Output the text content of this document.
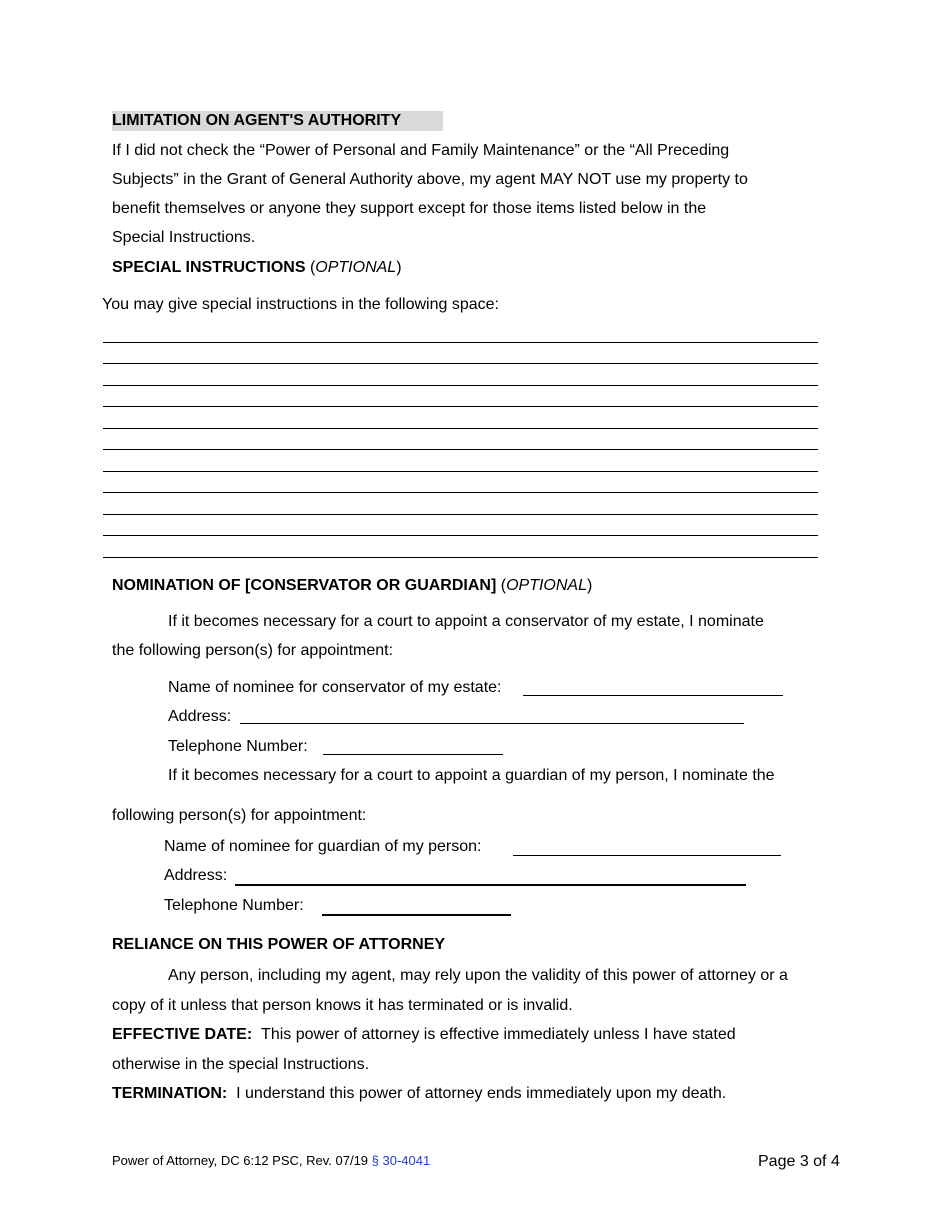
LIMITATION ON AGENT'S AUTHORITY
If I did not check the “Power of Personal and Family Maintenance” or the “All Preceding
Subjects” in the Grant of General Authority above, my agent MAY NOT use my property to
benefit themselves or anyone they support except for those items listed below in the
Special Instructions.
SPECIAL INSTRUCTIONS (OPTIONAL)
You may give special instructions in the following space:
NOMINATION OF [CONSERVATOR OR GUARDIAN] (OPTIONAL)
If it becomes necessary for a court to appoint a conservator of my estate, I nominate
the following person(s) for appointment:
Name of nominee for conservator of my estate:
Address:
Telephone Number:
If it becomes necessary for a court to appoint a guardian of my person, I nominate the
following person(s) for appointment:
Name of nominee for guardian of my person:
Address:
Telephone Number:
RELIANCE ON THIS POWER OF ATTORNEY
Any person, including my agent, may rely upon the validity of this power of attorney or a
copy of it unless that person knows it has terminated or is invalid.
EFFECTIVE DATE: This power of attorney is effective immediately unless I have stated
otherwise in the special Instructions.
TERMINATION: I understand this power of attorney ends immediately upon my death.
Power of Attorney, DC 6:12 PSC, Rev. 07/19 § 30-4041	Page 3 of 4
